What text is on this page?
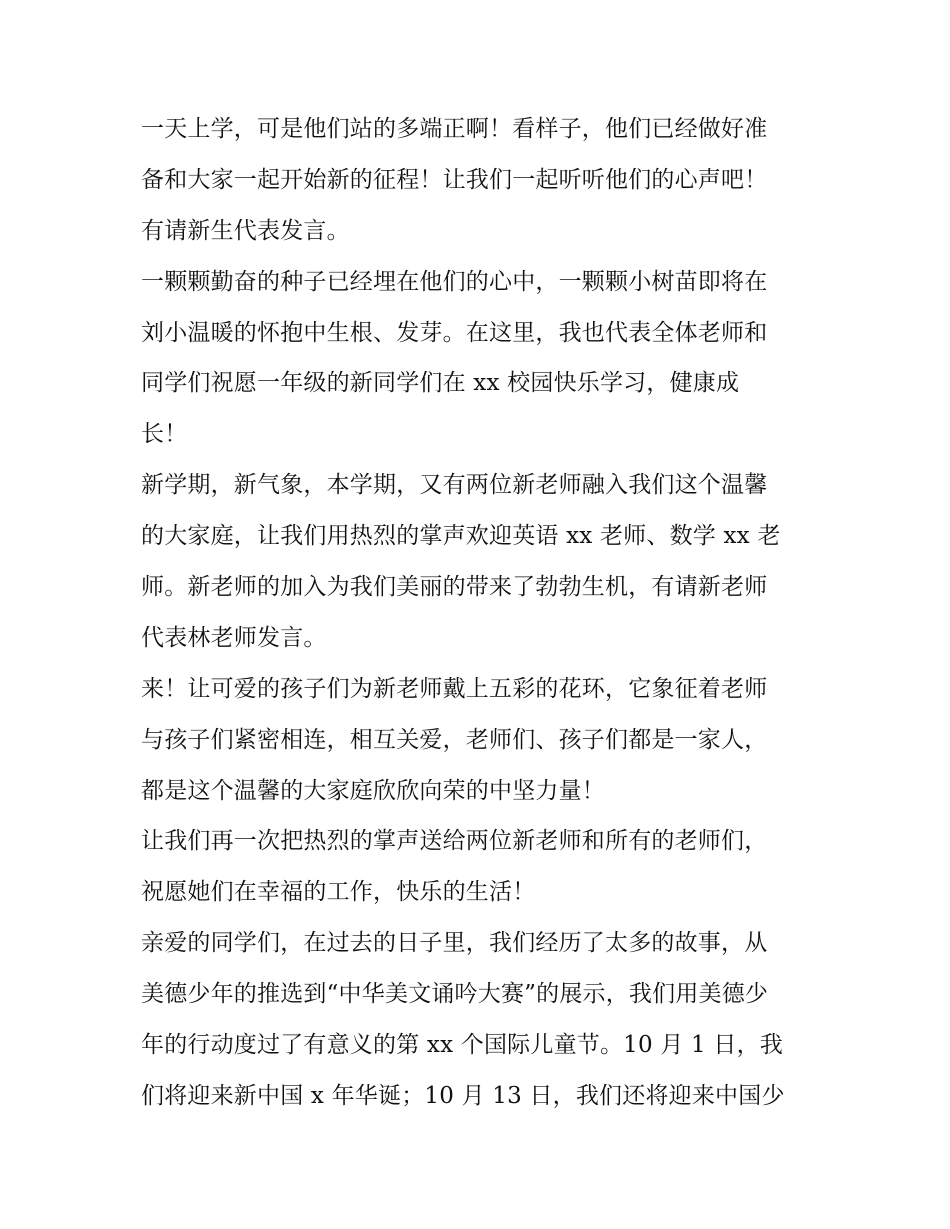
一天上学，可是他们站的多端正啊！看样子，他们已经做好准
备和大家一起开始新的征程！让我们一起听听他们的心声吧！
有请新生代表发言。
一颗颗勤奋的种子已经埋在他们的心中，一颗颗小树苗即将在
刘小温暖的怀抱中生根、发芽。在这里，我也代表全体老师和
同学们祝愿一年级的新同学们在 xx 校园快乐学习，健康成
长！
新学期，新气象，本学期，又有两位新老师融入我们这个温馨
的大家庭，让我们用热烈的掌声欢迎英语 xx 老师、数学 xx 老
师。新老师的加入为我们美丽的带来了勃勃生机，有请新老师
代表林老师发言。
来！让可爱的孩子们为新老师戴上五彩的花环，它象征着老师
与孩子们紧密相连，相互关爱，老师们、孩子们都是一家人，
都是这个温馨的大家庭欣欣向荣的中坚力量！
让我们再一次把热烈的掌声送给两位新老师和所有的老师们，
祝愿她们在幸福的工作，快乐的生活！
亲爱的同学们，在过去的日子里，我们经历了太多的故事，从
美德少年的推选到“中华美文诵吟大赛”的展示，我们用美德少
年的行动度过了有意义的第 xx 个国际儿童节。10 月 1 日，我
们将迎来新中国 x 年华诞；10 月 13 日，我们还将迎来中国少
